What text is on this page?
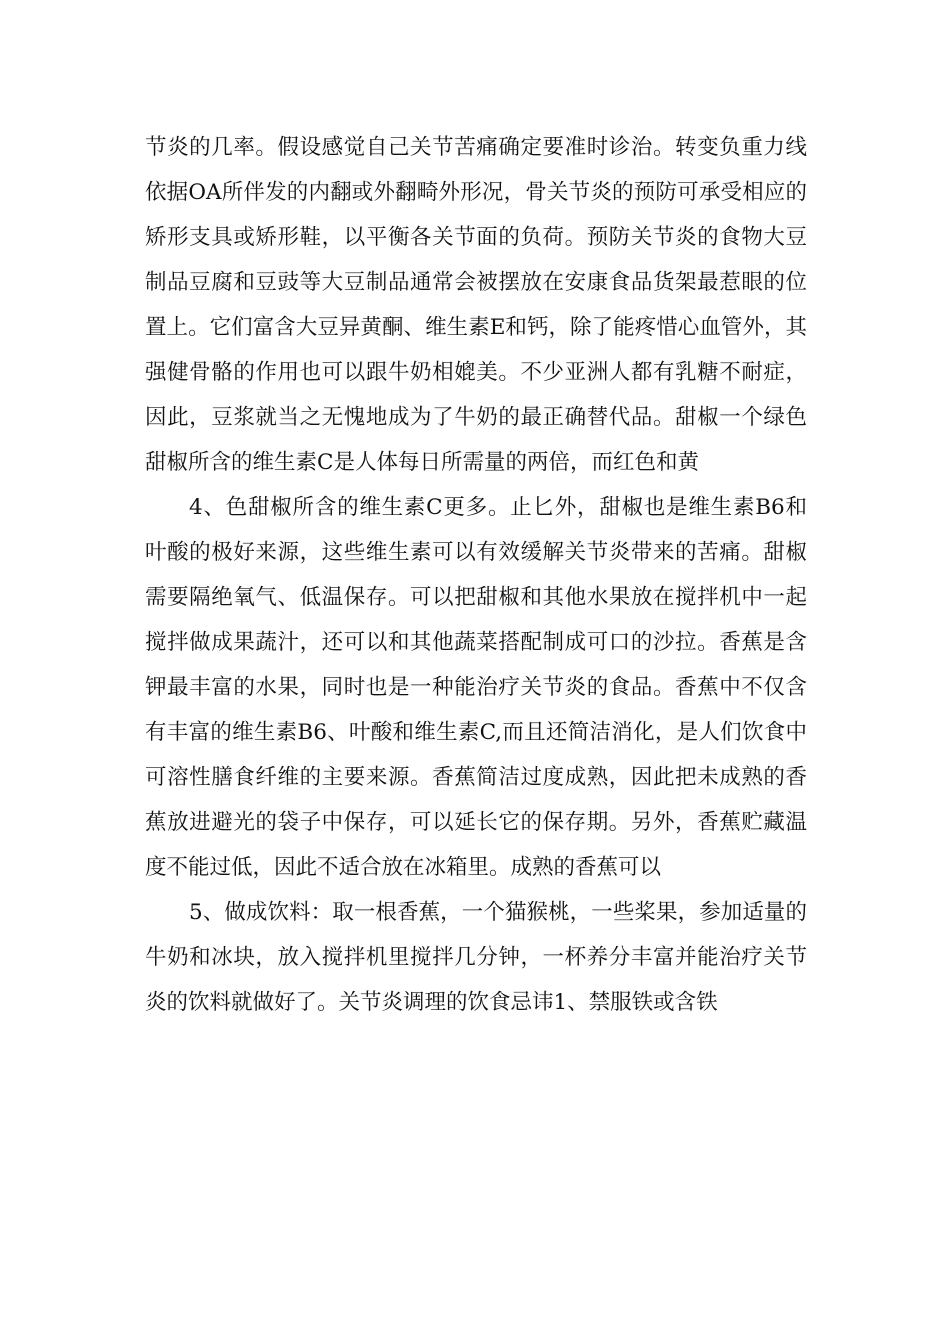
节炎的几率。假设感觉自己关节苦痛确定要准时诊治。转变负重力线依据OA所伴发的内翻或外翻畸外形况，骨关节炎的预防可承受相应的矫形支具或矫形鞋，以平衡各关节面的负荷。预防关节炎的食物大豆制品豆腐和豆豉等大豆制品通常会被摆放在安康食品货架最惹眼的位置上。它们富含大豆异黄酮、维生素E和钙，除了能疼惜心血管外，其强健骨骼的作用也可以跟牛奶相媲美。不少亚洲人都有乳糖不耐症，因此，豆浆就当之无愧地成为了牛奶的最正确替代品。甜椒一个绿色甜椒所含的维生素C是人体每日所需量的两倍，而红色和黄

4、色甜椒所含的维生素C更多。止匕外，甜椒也是维生素B6和叶酸的极好来源，这些维生素可以有效缓解关节炎带来的苦痛。甜椒需要隔绝氧气、低温保存。可以把甜椒和其他水果放在搅拌机中一起搅拌做成果蔬汁，还可以和其他蔬菜搭配制成可口的沙拉。香蕉是含钾最丰富的水果，同时也是一种能治疗关节炎的食品。香蕉中不仅含有丰富的维生素B6、叶酸和维生素C,而且还简洁消化，是人们饮食中可溶性膳食纤维的主要来源。香蕉简洁过度成熟，因此把未成熟的香蕉放进避光的袋子中保存，可以延长它的保存期。另外，香蕉贮藏温度不能过低，因此不适合放在冰箱里。成熟的香蕉可以

5、做成饮料：取一根香蕉，一个猫猴桃，一些桨果，参加适量的牛奶和冰块，放入搅拌机里搅拌几分钟，一杯养分丰富并能治疗关节炎的饮料就做好了。关节炎调理的饮食忌讳1、禁服铁或含铁
